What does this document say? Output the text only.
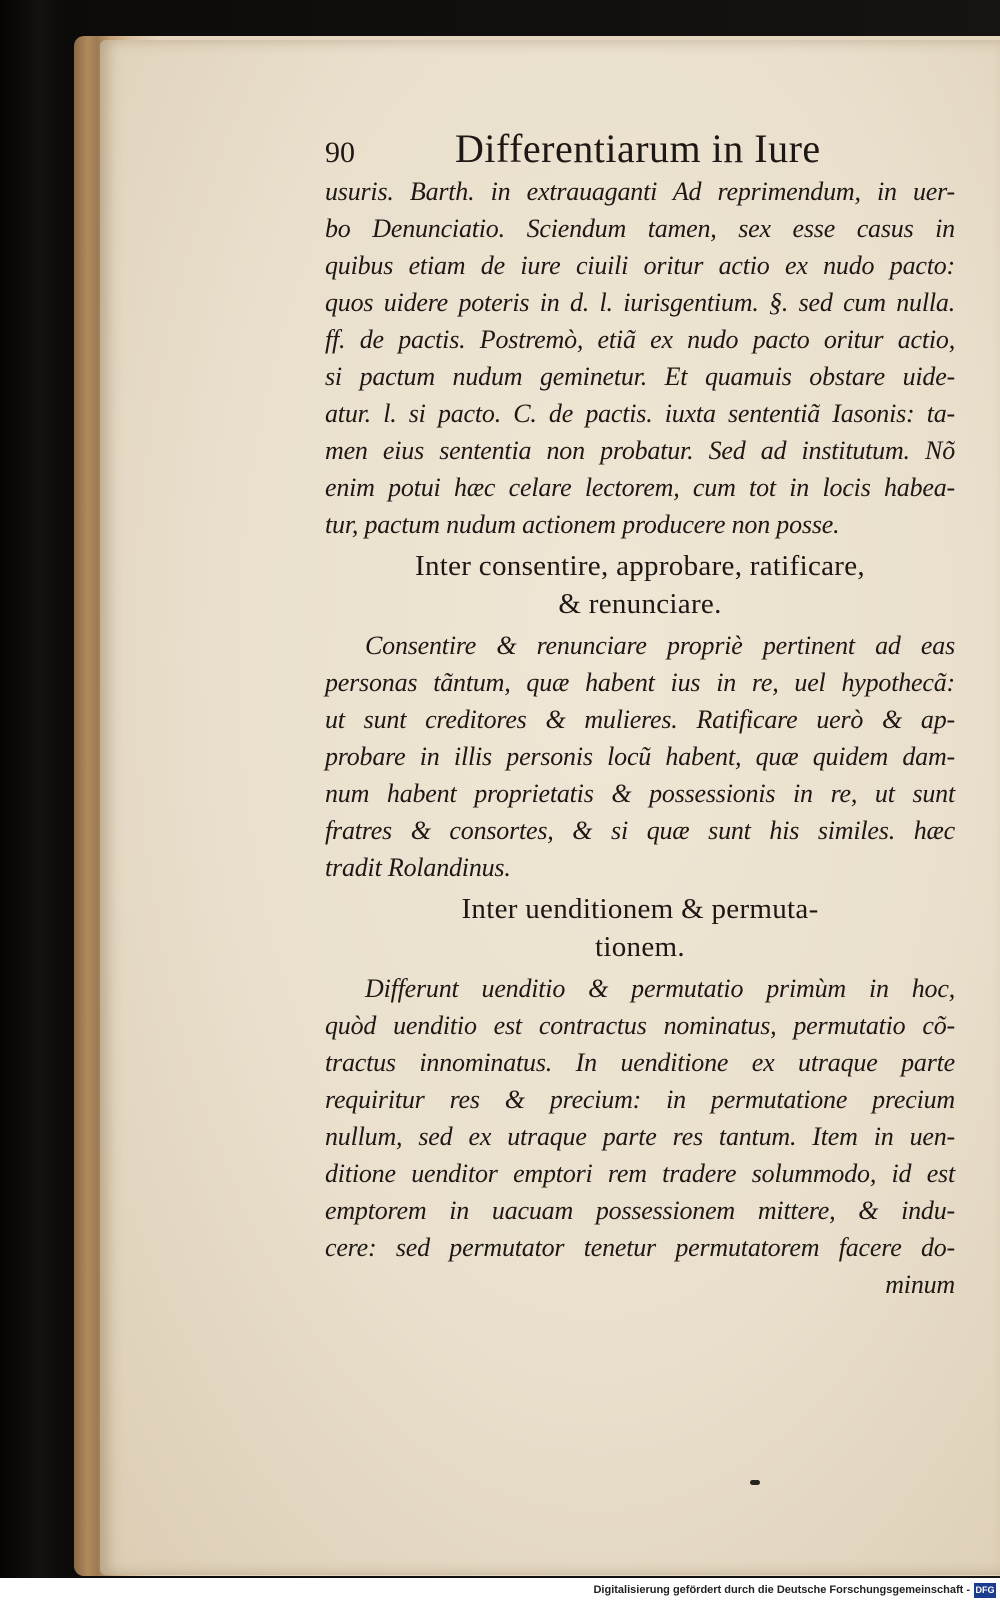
90	Differentiarum in Iure
usuris. Barth. in extrauaganti Ad reprimendum, in uer-
bo Denunciatio. Sciendum tamen, sex esse casus in
quibus etiam de iure ciuili oritur actio ex nudo pacto:
quos uidere poteris in d. l. iurisgentium. §. sed cum nulla.
ff. de pactis. Postremò, etiã ex nudo pacto oritur actio,
si pactum nudum geminetur. Et quamuis obstare uide-
atur. l. si pacto. C. de pactis. iuxta sententiã Iasonis: ta-
men eius sententia non probatur. Sed ad institutum. Nõ
enim potui hæc celare lectorem, cum tot in locis habea-
tur, pactum nudum actionem producere non posse.
Inter consentire, approbare, ratificare,
& renunciare.
Consentire & renunciare propriè pertinent ad eas
personas tãntum, quæ habent ius in re, uel hypothecã:
ut sunt creditores & mulieres. Ratificare uerò & ap-
probare in illis personis locũ habent, quæ quidem dam-
num habent proprietatis & possessionis in re, ut sunt
fratres & consortes, & si quæ sunt his similes. hæc
tradit Rolandinus.
Inter uenditionem & permuta-
tionem.
Differunt uenditio & permutatio primùm in hoc,
quòd uenditio est contractus nominatus, permutatio cõ-
tractus innominatus. In uenditione ex utraque parte
requiritur res & precium: in permutatione precium
nullum, sed ex utraque parte res tantum. Item in uen-
ditione uenditor emptori rem tradere solummodo, id est
emptorem in uacuam possessionem mittere, & indu-
cere: sed permutator tenetur permutatorem facere do-
minum
Digitalisierung gefördert durch die Deutsche Forschungsgemeinschaft - DFG
